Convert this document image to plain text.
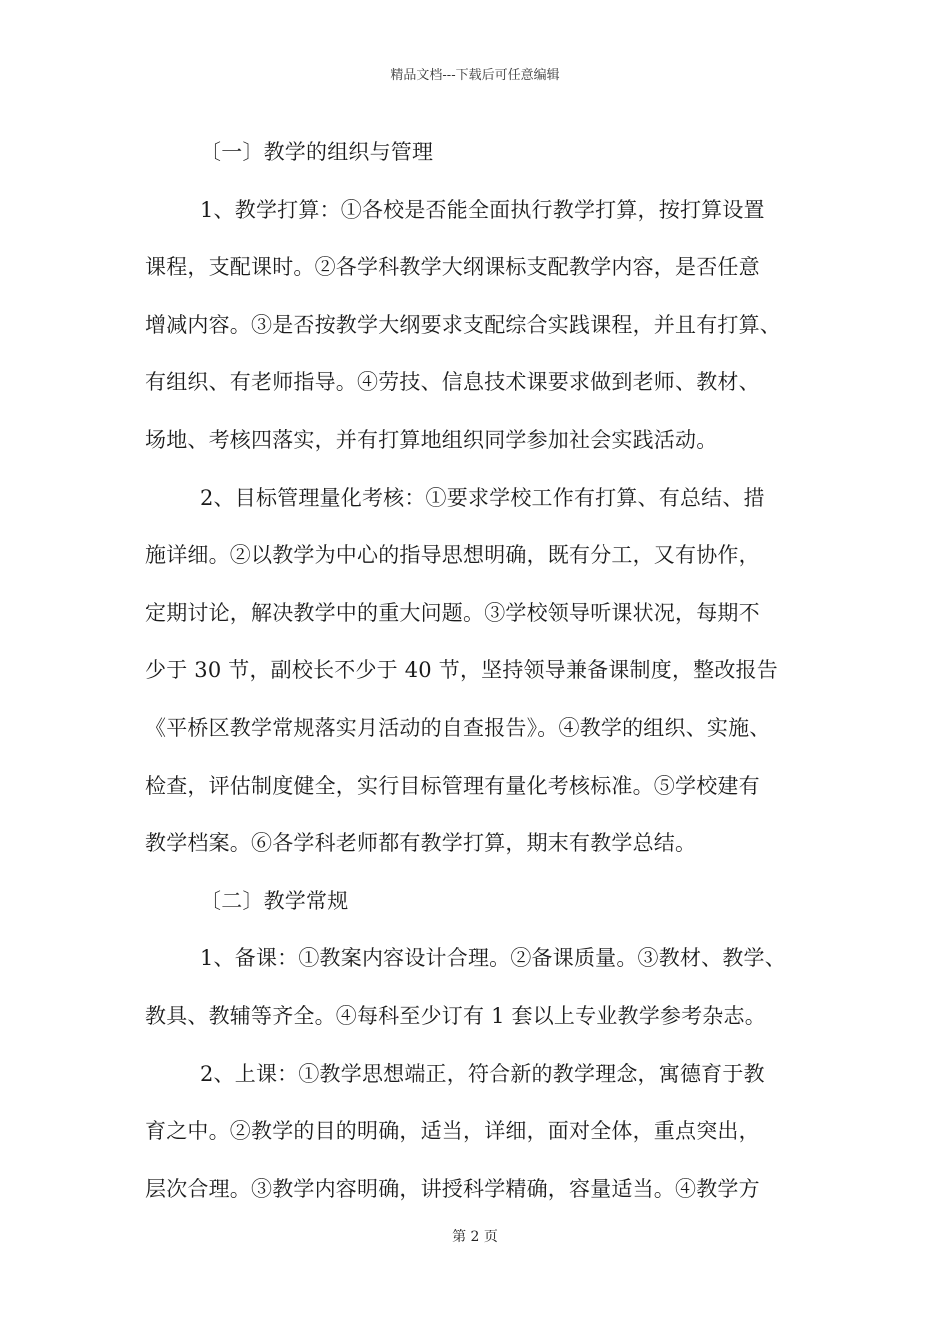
精品文档---下载后可任意编辑
〔一〕教学的组织与管理
1、教学打算：①各校是否能全面执行教学打算，按打算设置
课程，支配课时。②各学科教学大纲课标支配教学内容，是否任意
增减内容。③是否按教学大纲要求支配综合实践课程，并且有打算、
有组织、有老师指导。④劳技、信息技术课要求做到老师、教材、
场地、考核四落实，并有打算地组织同学参加社会实践活动。
2、目标管理量化考核：①要求学校工作有打算、有总结、措
施详细。②以教学为中心的指导思想明确，既有分工，又有协作，
定期讨论，解决教学中的重大问题。③学校领导听课状况，每期不
少于 30 节，副校长不少于 40 节，坚持领导兼备课制度，整改报告
《平桥区教学常规落实月活动的自查报告》。④教学的组织、实施、
检查，评估制度健全，实行目标管理有量化考核标准。⑤学校建有
教学档案。⑥各学科老师都有教学打算，期末有教学总结。
〔二〕教学常规
1、备课：①教案内容设计合理。②备课质量。③教材、教学、
教具、教辅等齐全。④每科至少订有 1 套以上专业教学参考杂志。
2、上课：①教学思想端正，符合新的教学理念，寓德育于教
育之中。②教学的目的明确，适当，详细，面对全体，重点突出，
层次合理。③教学内容明确，讲授科学精确，容量适当。④教学方
第 2 页
